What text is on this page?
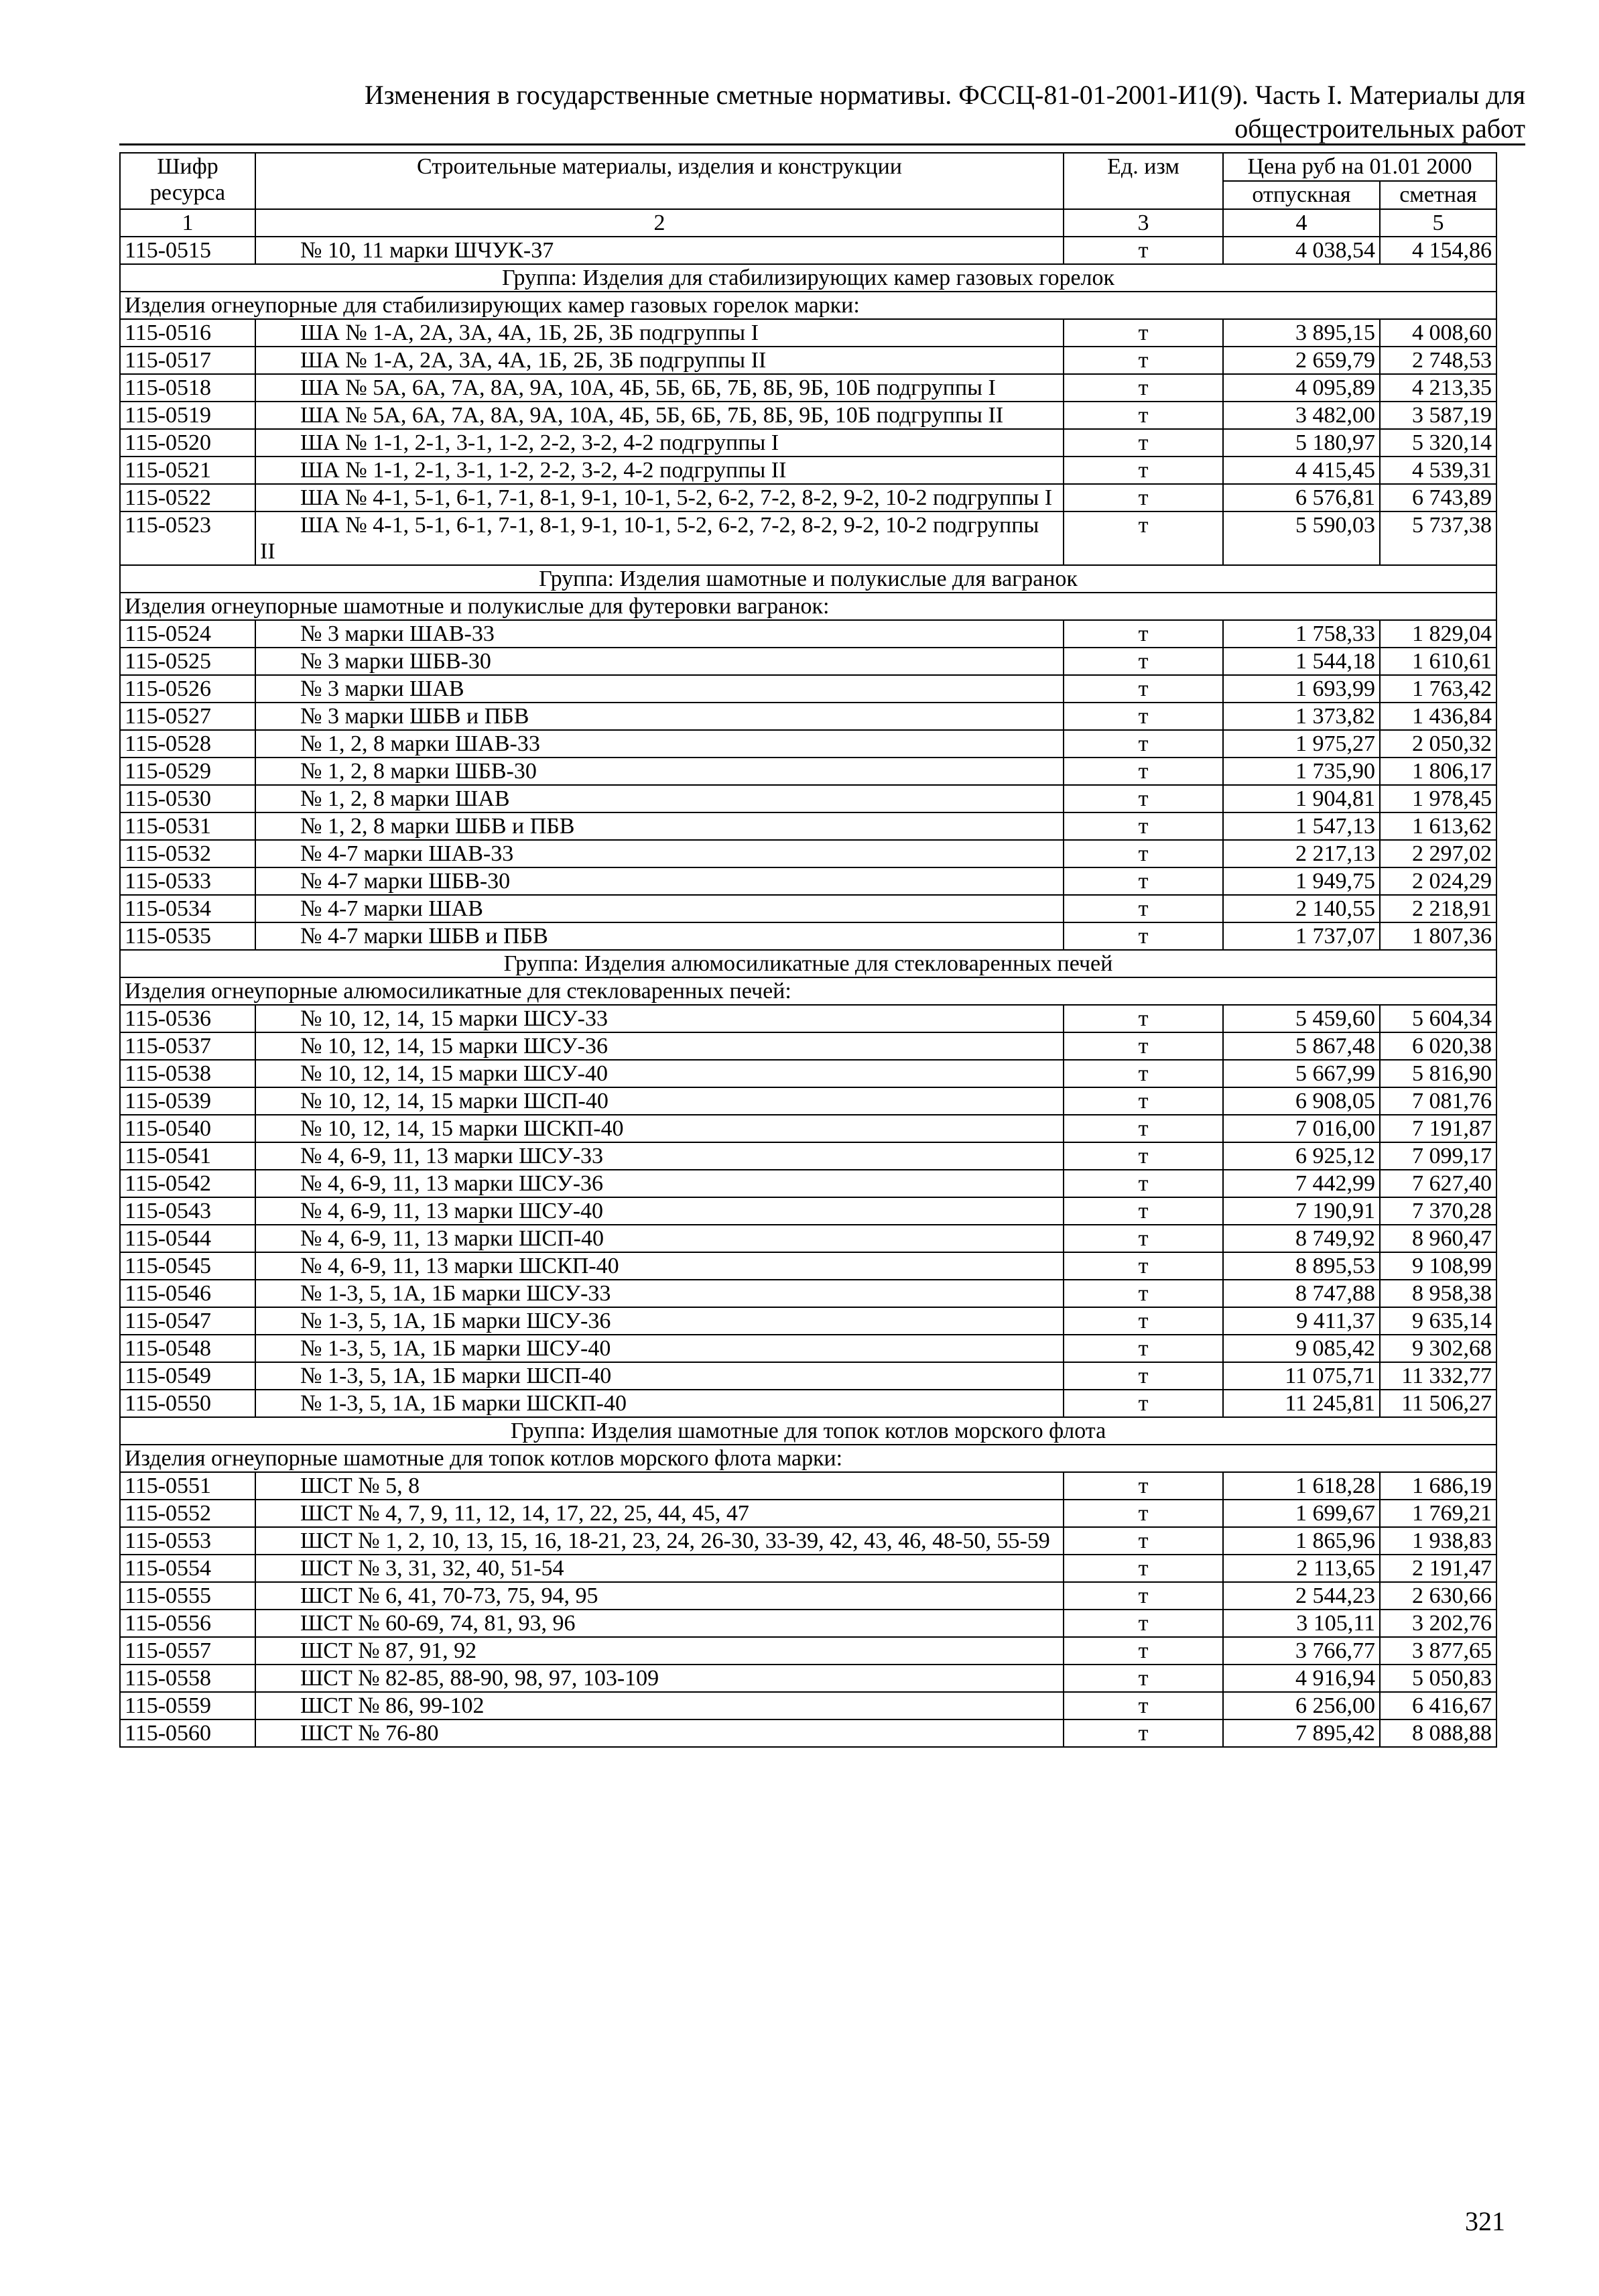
Изменения в государственные сметные нормативы. ФССЦ-81-01-2001-И1(9). Часть I. Материалы для
общестроительных работ
Шифр ресурса	Строительные материалы, изделия и конструкции	Ед. изм	Цена руб на 01.01 2000	
			отпускная	сметная
1	2	3	4	5
115-0515	№ 10, 11 марки ШЧУК-37	т	4 038,54	4 154,86
Группа: Изделия для стабилизирующих камер газовых горелок				
Изделия огнеупорные для стабилизирующих камер газовых горелок марки:				
115-0516	ША № 1-А, 2А, 3А, 4А, 1Б, 2Б, 3Б подгруппы I	т	3 895,15	4 008,60
115-0517	ША № 1-А, 2А, 3А, 4А, 1Б, 2Б, 3Б подгруппы II	т	2 659,79	2 748,53
115-0518	ША № 5А, 6А, 7А, 8А, 9А, 10А, 4Б, 5Б, 6Б, 7Б, 8Б, 9Б, 10Б подгруппы I	т	4 095,89	4 213,35
115-0519	ША № 5А, 6А, 7А, 8А, 9А, 10А, 4Б, 5Б, 6Б, 7Б, 8Б, 9Б, 10Б подгруппы II	т	3 482,00	3 587,19
115-0520	ША № 1-1, 2-1, 3-1, 1-2, 2-2, 3-2, 4-2 подгруппы I	т	5 180,97	5 320,14
115-0521	ША № 1-1, 2-1, 3-1, 1-2, 2-2, 3-2, 4-2 подгруппы II	т	4 415,45	4 539,31
115-0522	ША № 4-1, 5-1, 6-1, 7-1, 8-1, 9-1, 10-1, 5-2, 6-2, 7-2, 8-2, 9-2, 10-2 подгруппы I	т	6 576,81	6 743,89
115-0523	ША № 4-1, 5-1, 6-1, 7-1, 8-1, 9-1, 10-1, 5-2, 6-2, 7-2, 8-2, 9-2, 10-2 подгруппы II	т	5 590,03	5 737,38
Группа: Изделия шамотные и полукислые для вагранок				
Изделия огнеупорные шамотные и полукислые для футеровки вагранок:				
115-0524	№ 3 марки ШАВ-33	т	1 758,33	1 829,04
115-0525	№ 3 марки ШБВ-30	т	1 544,18	1 610,61
115-0526	№ 3 марки ШАВ	т	1 693,99	1 763,42
115-0527	№ 3 марки ШБВ и ПБВ	т	1 373,82	1 436,84
115-0528	№ 1, 2, 8 марки ШАВ-33	т	1 975,27	2 050,32
115-0529	№ 1, 2, 8 марки ШБВ-30	т	1 735,90	1 806,17
115-0530	№ 1, 2, 8 марки ШАВ	т	1 904,81	1 978,45
115-0531	№ 1, 2, 8 марки ШБВ и ПБВ	т	1 547,13	1 613,62
115-0532	№ 4-7 марки ШАВ-33	т	2 217,13	2 297,02
115-0533	№ 4-7 марки ШБВ-30	т	1 949,75	2 024,29
115-0534	№ 4-7 марки ШАВ	т	2 140,55	2 218,91
115-0535	№ 4-7 марки ШБВ и ПБВ	т	1 737,07	1 807,36
Группа: Изделия алюмосиликатные для стекловаренных печей				
Изделия огнеупорные алюмосиликатные для стекловаренных печей:				
115-0536	№ 10, 12, 14, 15 марки ШСУ-33	т	5 459,60	5 604,34
115-0537	№ 10, 12, 14, 15 марки ШСУ-36	т	5 867,48	6 020,38
115-0538	№ 10, 12, 14, 15 марки ШСУ-40	т	5 667,99	5 816,90
115-0539	№ 10, 12, 14, 15 марки ШСП-40	т	6 908,05	7 081,76
115-0540	№ 10, 12, 14, 15 марки ШСКП-40	т	7 016,00	7 191,87
115-0541	№ 4, 6-9, 11, 13 марки ШСУ-33	т	6 925,12	7 099,17
115-0542	№ 4, 6-9, 11, 13 марки ШСУ-36	т	7 442,99	7 627,40
115-0543	№ 4, 6-9, 11, 13 марки ШСУ-40	т	7 190,91	7 370,28
115-0544	№ 4, 6-9, 11, 13 марки ШСП-40	т	8 749,92	8 960,47
115-0545	№ 4, 6-9, 11, 13 марки ШСКП-40	т	8 895,53	9 108,99
115-0546	№ 1-3, 5, 1А, 1Б марки ШСУ-33	т	8 747,88	8 958,38
115-0547	№ 1-3, 5, 1А, 1Б марки ШСУ-36	т	9 411,37	9 635,14
115-0548	№ 1-3, 5, 1А, 1Б марки ШСУ-40	т	9 085,42	9 302,68
115-0549	№ 1-3, 5, 1А, 1Б марки ШСП-40	т	11 075,71	11 332,77
115-0550	№ 1-3, 5, 1А, 1Б марки ШСКП-40	т	11 245,81	11 506,27
Группа: Изделия шамотные для топок котлов морского флота				
Изделия огнеупорные шамотные для топок котлов морского флота марки:				
115-0551	ШСТ № 5, 8	т	1 618,28	1 686,19
115-0552	ШСТ № 4, 7, 9, 11, 12, 14, 17, 22, 25, 44, 45, 47	т	1 699,67	1 769,21
115-0553	ШСТ № 1, 2, 10, 13, 15, 16, 18-21, 23, 24, 26-30, 33-39, 42, 43, 46, 48-50, 55-59	т	1 865,96	1 938,83
115-0554	ШСТ № 3, 31, 32, 40, 51-54	т	2 113,65	2 191,47
115-0555	ШСТ № 6, 41, 70-73, 75, 94, 95	т	2 544,23	2 630,66
115-0556	ШСТ № 60-69, 74, 81, 93, 96	т	3 105,11	3 202,76
115-0557	ШСТ № 87, 91, 92	т	3 766,77	3 877,65
115-0558	ШСТ № 82-85, 88-90, 98, 97, 103-109	т	4 916,94	5 050,83
115-0559	ШСТ № 86, 99-102	т	6 256,00	6 416,67
115-0560	ШСТ № 76-80	т	7 895,42	8 088,88
321
